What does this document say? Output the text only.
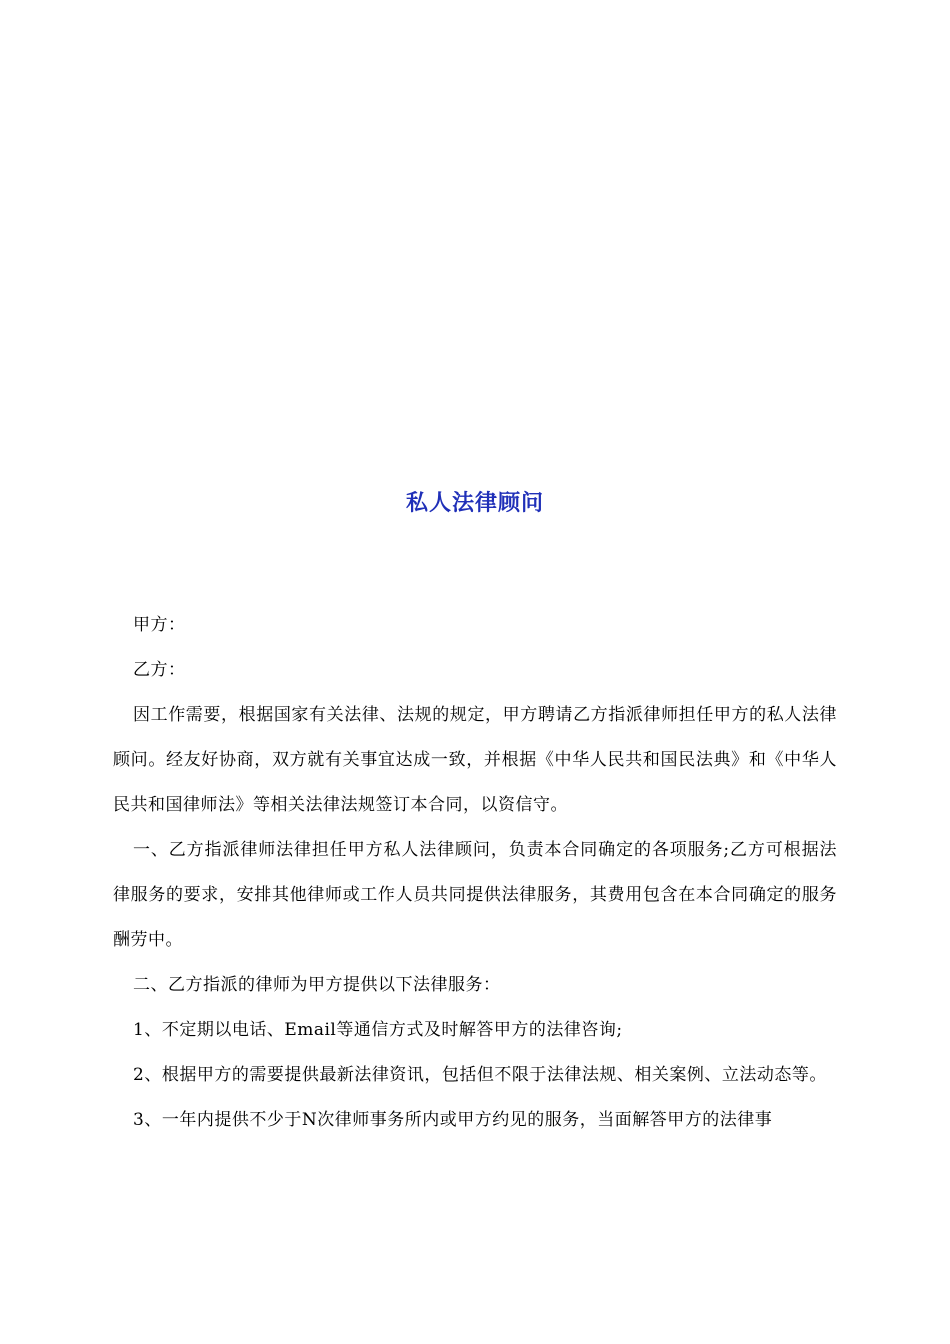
私人法律顾问

甲方：

乙方：

因工作需要，根据国家有关法律、法规的规定，甲方聘请乙方指派律师担任甲方的私人法律顾问。经友好协商，双方就有关事宜达成一致，并根据《中华人民共和国民法典》和《中华人民共和国律师法》等相关法律法规签订本合同，以资信守。

一、乙方指派律师法律担任甲方私人法律顾问，负责本合同确定的各项服务;乙方可根据法律服务的要求，安排其他律师或工作人员共同提供法律服务，其费用包含在本合同确定的服务酬劳中。

二、乙方指派的律师为甲方提供以下法律服务：

1、不定期以电话、Email等通信方式及时解答甲方的法律咨询;

2、根据甲方的需要提供最新法律资讯，包括但不限于法律法规、相关案例、立法动态等。

3、一年内提供不少于N次律师事务所内或甲方约见的服务，当面解答甲方的法律事
